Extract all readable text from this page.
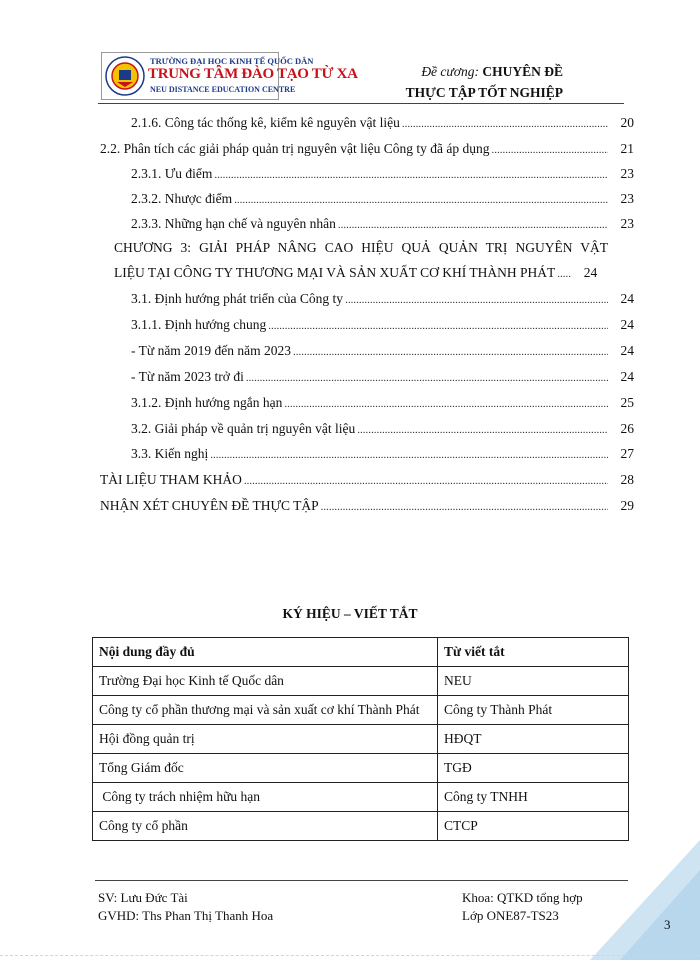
TRƯỜNG ĐẠI HỌC KINH TẾ QUỐC DÂN
TRUNG TÂM ĐÀO TẠO TỪ XA
NEU DISTANCE EDUCATION CENTRE
Đề cương: CHUYÊN ĐỀ
THỰC TẬP TỐT NGHIỆP
2.1.6. Công tác thống kê, kiểm kê nguyên vật liệu .....	20
2.2. Phân tích các giải pháp quản trị nguyên vật liệu Công ty đã áp dụng .....	21
2.3.1. Ưu điểm .....	23
2.3.2. Nhược điểm .....	23
2.3.3. Những hạn chế và nguyên nhân .....	23
CHƯƠNG 3: GIẢI PHÁP NÂNG CAO HIỆU QUẢ QUẢN TRỊ NGUYÊN VẬT
LIỆU TẠI CÔNG TY THƯƠNG MẠI VÀ SẢN XUẤT CƠ KHÍ THÀNH PHÁT .....	24
3.1. Định hướng phát triển của Công ty .....	24
3.1.1. Định hướng chung .....	24
- Từ năm 2019 đến năm 2023 .....	24
- Từ năm 2023 trở đi .....	24
3.1.2. Định hướng ngắn hạn .....	25
3.2. Giải pháp về quản trị nguyên vật liệu .....	26
3.3. Kiến nghị .....	27
TÀI LIỆU THAM KHẢO .....	28
NHẬN XÉT CHUYÊN ĐỀ THỰC TẬP .....	29
KÝ HIỆU – VIẾT TẮT
Nội dung đầy đủ	Từ viết tắt
Trường Đại học Kinh tế Quốc dân	NEU
Công ty cổ phần thương mại và sản xuất cơ khí Thành Phát	Công ty Thành Phát
Hội đồng quản trị	HĐQT
Tổng Giám đốc	TGĐ
Công ty trách nhiệm hữu hạn	Công ty TNHH
Công ty cổ phần	CTCP
SV: Lưu Đức Tài
GVHD: Ths Phan Thị Thanh Hoa
Khoa: QTKD tổng hợp
Lớp ONE87-TS23
3
